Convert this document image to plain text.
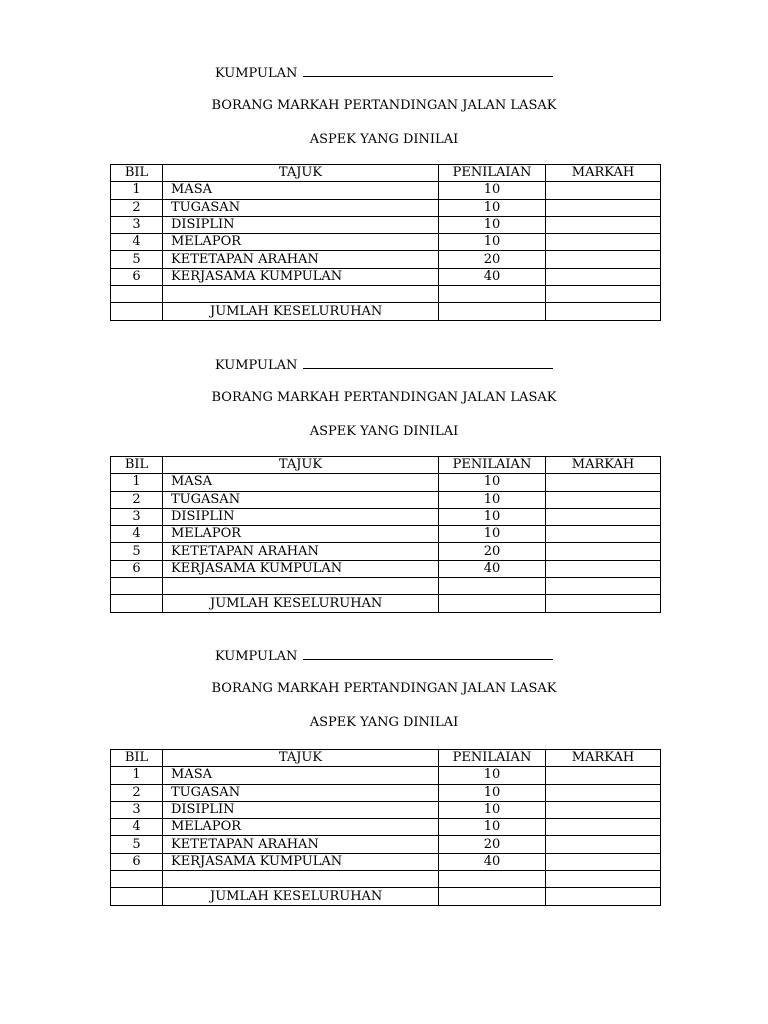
KUMPULAN
BORANG MARKAH PERTANDINGAN JALAN LASAK
ASPEK YANG DINILAI
BIL	TAJUK	PENILAIAN	MARKAH
1	MASA	10	
2	TUGASAN	10	
3	DISIPLIN	10	
4	MELAPOR	10	
5	KETETAPAN ARAHAN	20	
6	KERJASAMA KUMPULAN	40	

	JUMLAH KESELURUHAN		
KUMPULAN
BORANG MARKAH PERTANDINGAN JALAN LASAK
ASPEK YANG DINILAI
BIL	TAJUK	PENILAIAN	MARKAH
1	MASA	10	
2	TUGASAN	10	
3	DISIPLIN	10	
4	MELAPOR	10	
5	KETETAPAN ARAHAN	20	
6	KERJASAMA KUMPULAN	40	

	JUMLAH KESELURUHAN		
KUMPULAN
BORANG MARKAH PERTANDINGAN JALAN LASAK
ASPEK YANG DINILAI
BIL	TAJUK	PENILAIAN	MARKAH
1	MASA	10	
2	TUGASAN	10	
3	DISIPLIN	10	
4	MELAPOR	10	
5	KETETAPAN ARAHAN	20	
6	KERJASAMA KUMPULAN	40	

	JUMLAH KESELURUHAN		
